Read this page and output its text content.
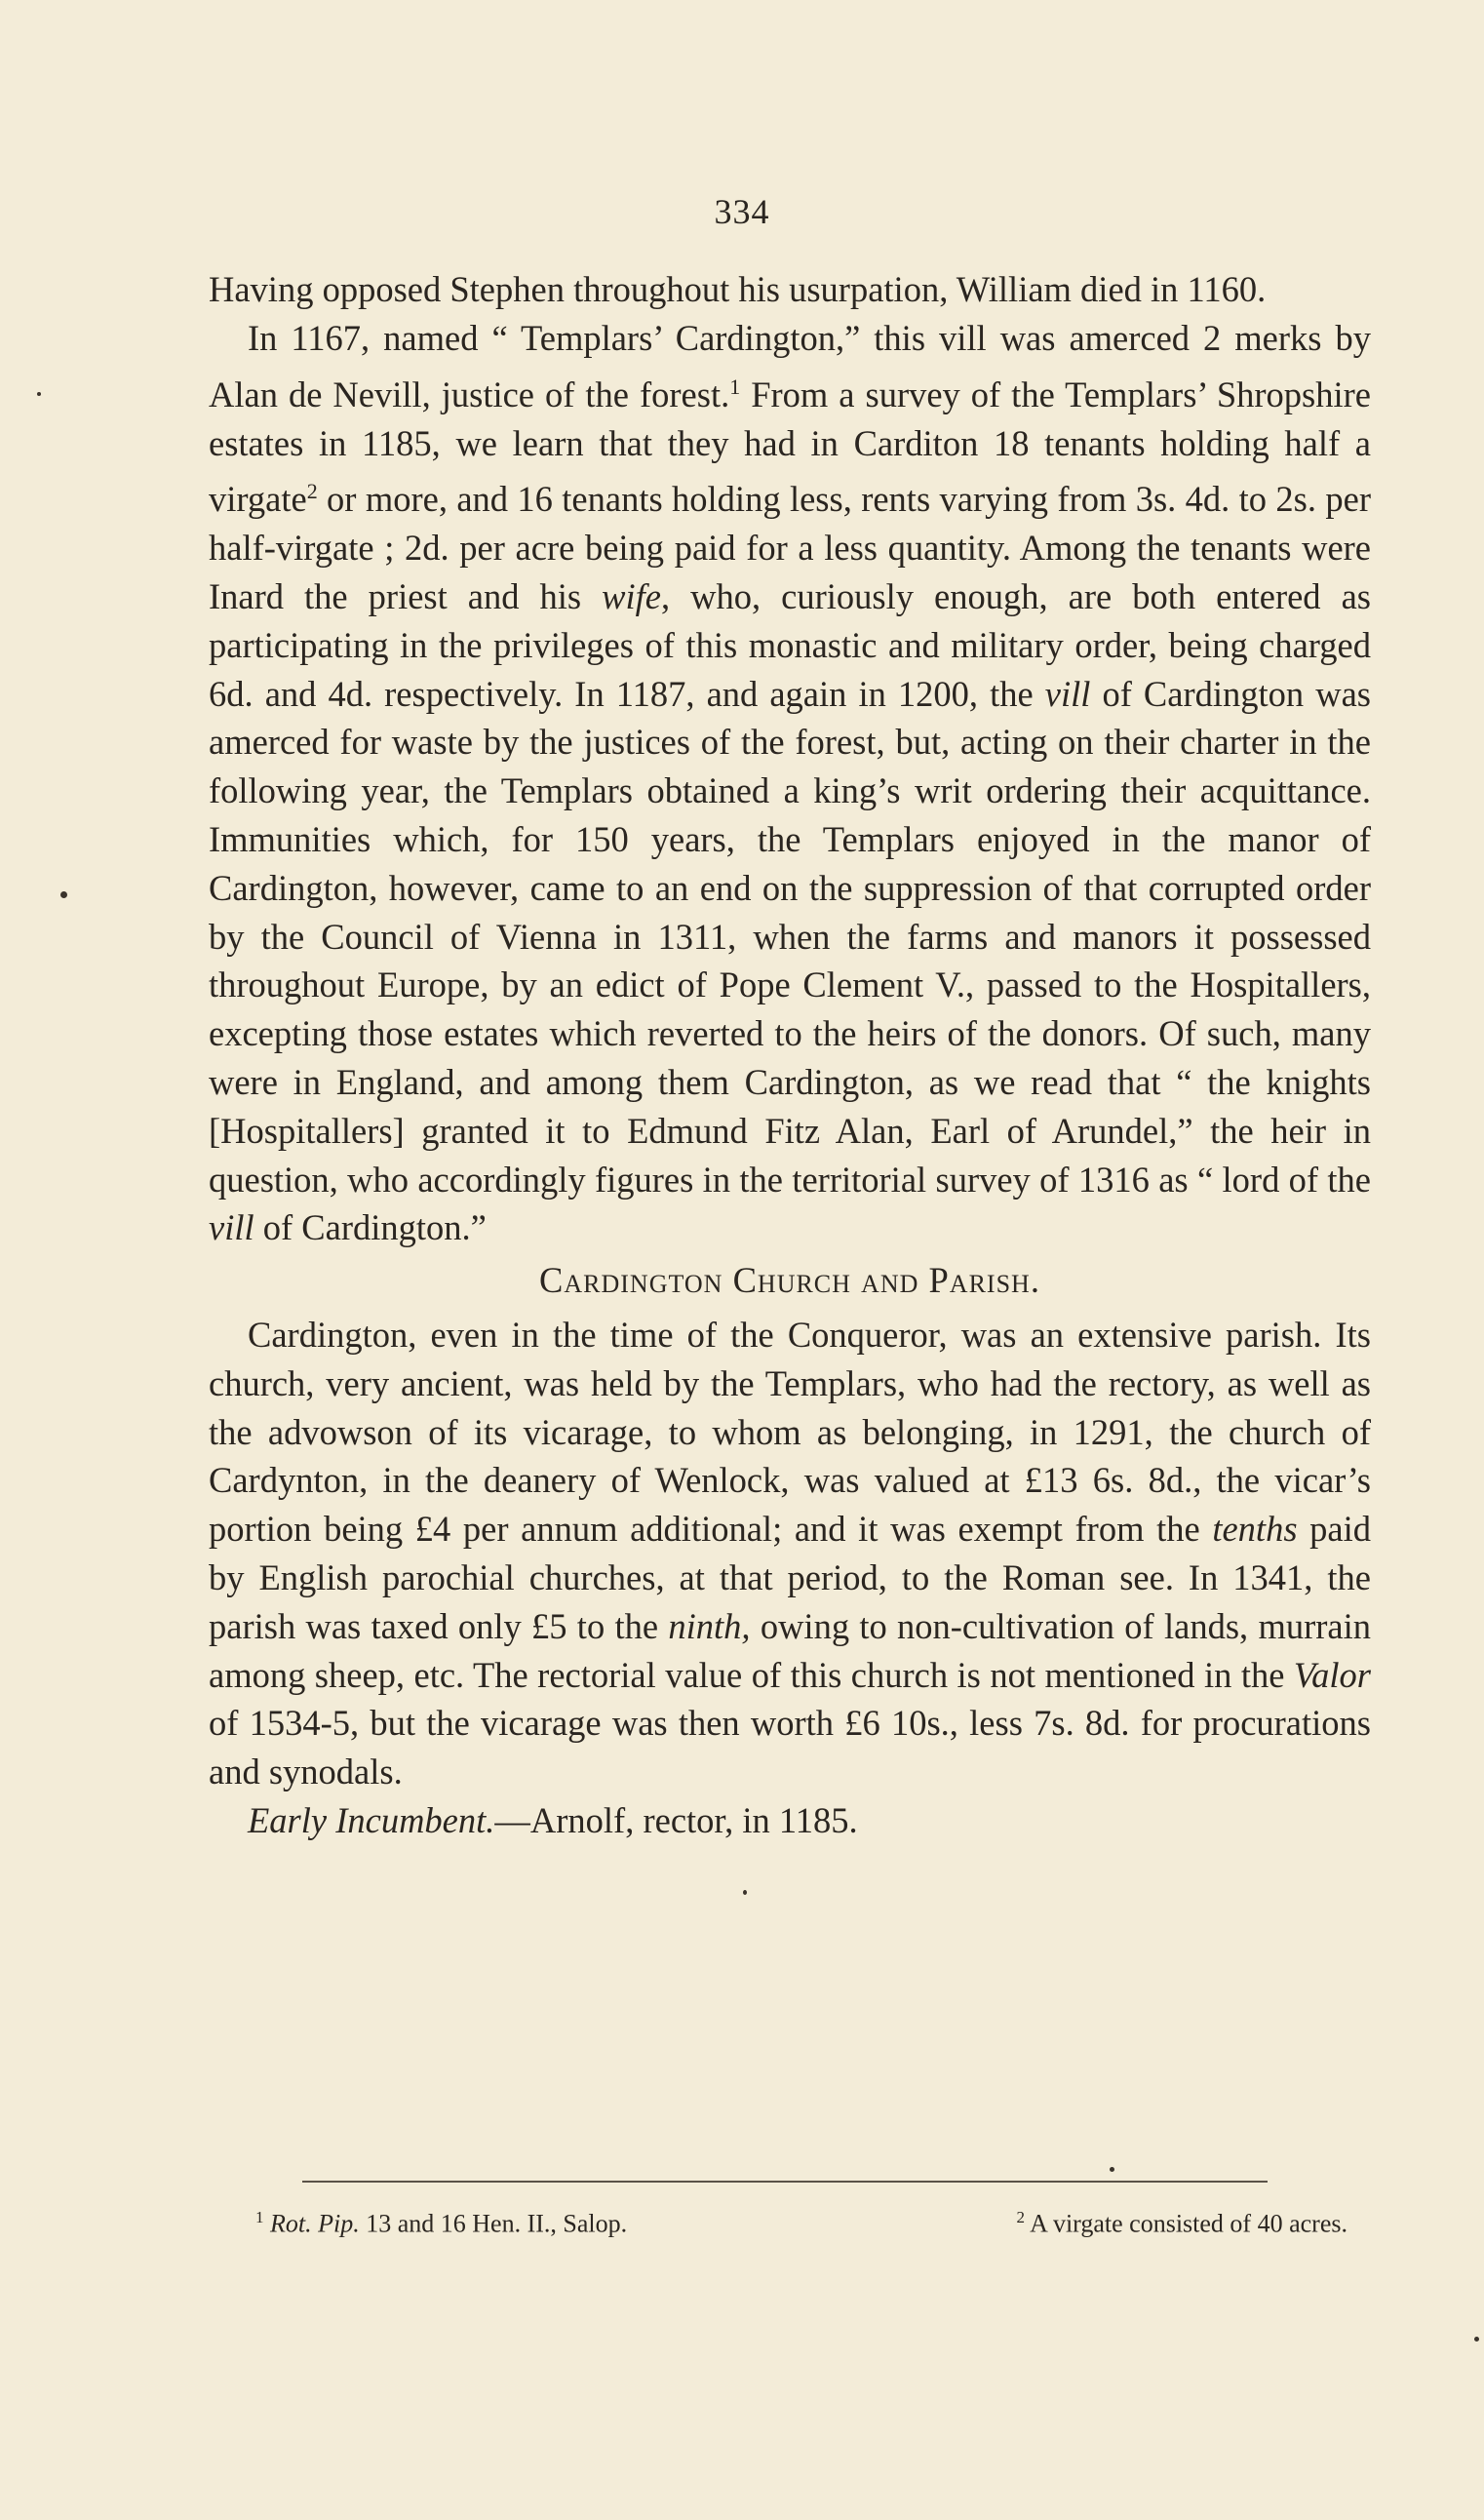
334

Having opposed Stephen throughout his usurpation, William died in 1160.

In 1167, named “ Templars’ Cardington,” this vill was amerced 2 merks by Alan de Nevill, justice of the forest.$^1$ From a survey of the Templars’ Shropshire estates in 1185, we learn that they had in Carditon 18 tenants holding half a virgate$^2$ or more, and 16 tenants holding less, rents varying from 3s. 4d. to 2s. per half-virgate ; 2d. per acre being paid for a less quantity. Among the tenants were Inard the priest and his wife, who, curiously enough, are both entered as participating in the privileges of this monastic and military order, being charged 6d. and 4d. respectively. In 1187, and again in 1200, the vill of Cardington was amerced for waste by the justices of the forest, but, acting on their charter in the following year, the Templars obtained a king’s writ ordering their acquittance. Immunities which, for 150 years, the Templars enjoyed in the manor of Cardington, however, came to an end on the suppression of that corrupted order by the Council of Vienna in 1311, when the farms and manors it possessed throughout Europe, by an edict of Pope Clement V., passed to the Hospitallers, excepting those estates which reverted to the heirs of the donors. Of such, many were in England, and among them Cardington, as we read that “ the knights [Hospitallers] granted it to Edmund Fitz Alan, Earl of Arundel,” the heir in question, who accordingly figures in the territorial survey of 1316 as “ lord of the vill of Cardington.”

Cardington Church and Parish.

Cardington, even in the time of the Conqueror, was an extensive parish. Its church, very ancient, was held by the Templars, who had the rectory, as well as the advowson of its vicarage, to whom as belonging, in 1291, the church of Cardynton, in the deanery of Wenlock, was valued at £13 6s. 8d., the vicar’s portion being £4 per annum additional; and it was exempt from the tenths paid by English parochial churches, at that period, to the Roman see. In 1341, the parish was taxed only £5 to the ninth, owing to non-cultivation of lands, murrain among sheep, etc. The rectorial value of this church is not mentioned in the Valor of 1534-5, but the vicarage was then worth £6 10s., less 7s. 8d. for procurations and synodals.

Early Incumbent.—Arnolf, rector, in 1185.

$^1$ Rot. Pip. 13 and 16 Hen. II., Salop.	$^2$ A virgate consisted of 40 acres.
